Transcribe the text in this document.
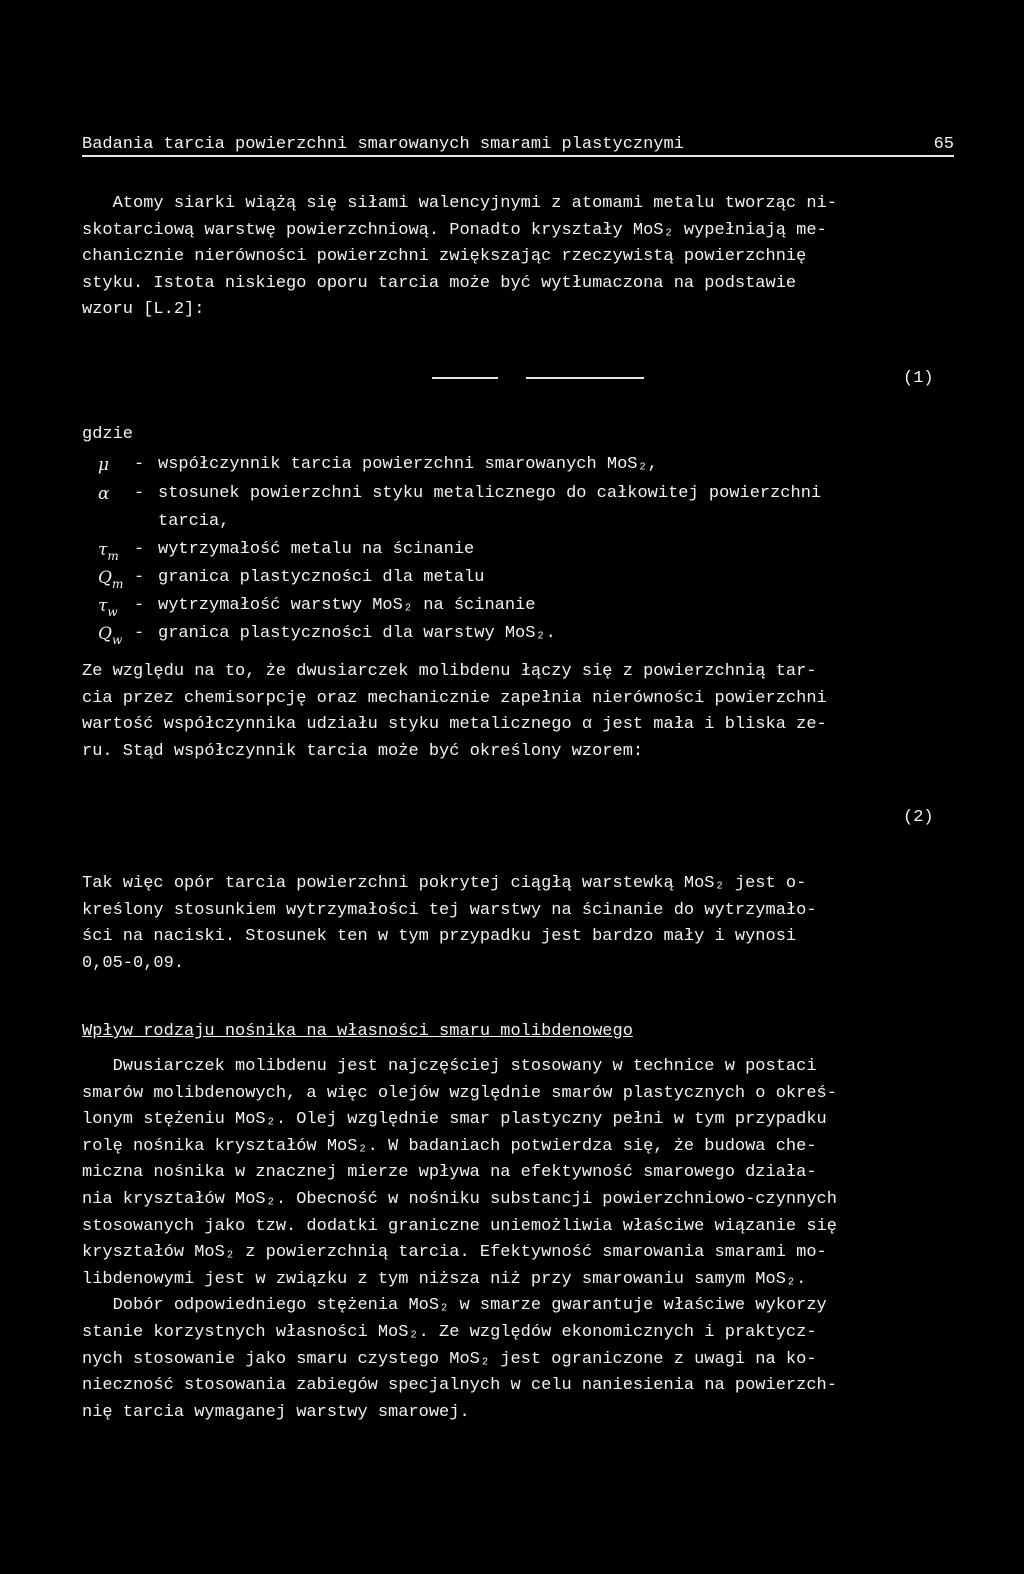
Badania tarcia powierzchni smarowanych smarami plastycznymi	65
Atomy siarki wiążą się siłami walencyjnymi z atomami metalu tworząc ni-
skotarciową warstwę powierzchniową. Ponadto kryształy MoS₂ wypełniają me-
chanicznie nierówności powierzchni zwiększając rzeczywistą powierzchnię
styku. Istota niskiego oporu tarcia może być wytłumaczona na podstawie
wzoru [L.2]:
(1)
gdzie
μ	- współczynnik tarcia powierzchni smarowanych MoS₂,
α	- stosunek powierzchni styku metalicznego do całkowitej powierzchni
tarcia,
$\tau_m$ - wytrzymałość metalu na ścinanie
$Q_m$ - granica plastyczności dla metalu
$\tau_w$ - wytrzymałość warstwy MoS₂ na ścinanie
$Q_w$ - granica plastyczności dla warstwy MoS₂.
Ze względu na to, że dwusiarczek molibdenu łączy się z powierzchnią tar-
cia przez chemisorpcję oraz mechanicznie zapełnia nierówności powierzchni
wartość współczynnika udziału styku metalicznego α jest mała i bliska ze-
ru. Stąd współczynnik tarcia może być określony wzorem:
(2)
Tak więc opór tarcia powierzchni pokrytej ciągłą warstewką MoS₂ jest o-
kreślony stosunkiem wytrzymałości tej warstwy na ścinanie do wytrzymało-
ści na naciski. Stosunek ten w tym przypadku jest bardzo mały i wynosi
0,05-0,09.
Wpływ rodzaju nośnika na własności smaru molibdenowego
Dwusiarczek molibdenu jest najczęściej stosowany w technice w postaci
smarów molibdenowych, a więc olejów względnie smarów plastycznych o okreś-
lonym stężeniu MoS₂. Olej względnie smar plastyczny pełni w tym przypadku
rolę nośnika kryształów MoS₂. W badaniach potwierdza się, że budowa che-
miczna nośnika w znacznej mierze wpływa na efektywność smarowego działa-
nia kryształów MoS₂. Obecność w nośniku substancji powierzchniowo-czynnych
stosowanych jako tzw. dodatki graniczne uniemożliwia właściwe wiązanie się
kryształów MoS₂ z powierzchnią tarcia. Efektywność smarowania smarami mo-
libdenowymi jest w związku z tym niższa niż przy smarowaniu samym MoS₂.
Dobór odpowiedniego stężenia MoS₂ w smarze gwarantuje właściwe wykorzy
stanie korzystnych własności MoS₂. Ze względów ekonomicznych i praktycz-
nych stosowanie jako smaru czystego MoS₂ jest ograniczone z uwagi na ko-
nieczność stosowania zabiegów specjalnych w celu naniesienia na powierzch-
nię tarcia wymaganej warstwy smarowej.
